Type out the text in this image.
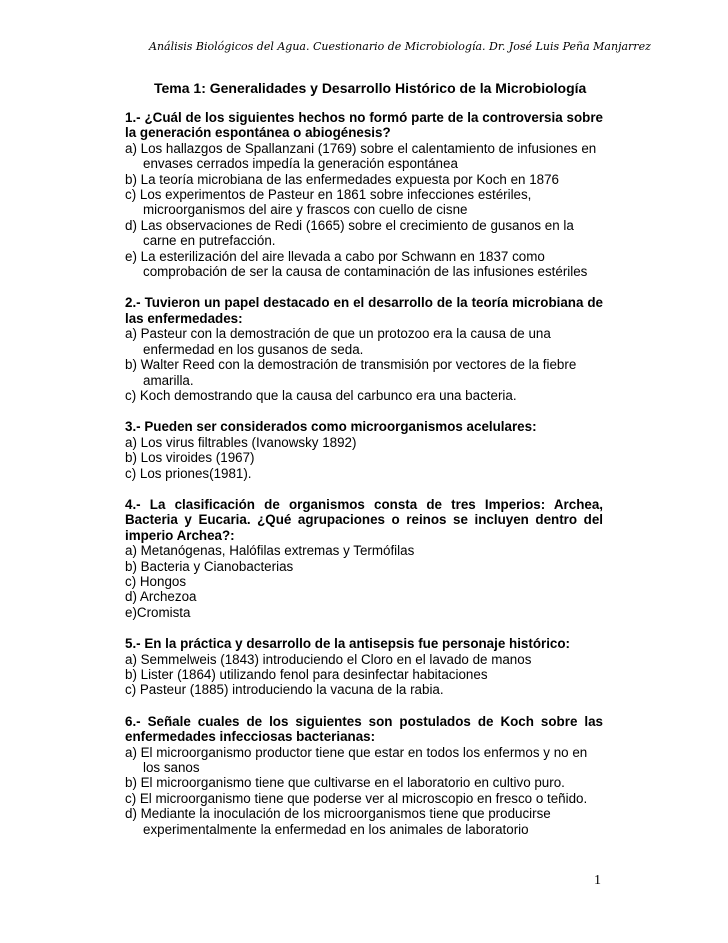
Análisis Biológicos del Agua. Cuestionario de Microbiología. Dr. José Luis Peña Manjarrez
Tema 1: Generalidades y Desarrollo Histórico de la Microbiología

1.- ¿Cuál de los siguientes hechos no formó parte de la controversia sobre la generación espontánea o abiogénesis?

a) Los hallazgos de Spallanzani (1769) sobre el calentamiento de infusiones en envases cerrados impedía la generación espontánea
b) La teoría microbiana de las enfermedades expuesta por Koch en 1876
c) Los experimentos de Pasteur en 1861 sobre infecciones estériles, microorganismos del aire y frascos con cuello de cisne
d) Las observaciones de Redi (1665) sobre el crecimiento de gusanos en la carne en putrefacción.
e) La esterilización del aire llevada a cabo por Schwann en 1837 como comprobación de ser la causa de contaminación de las infusiones estériles

2.- Tuvieron un papel destacado en el desarrollo de la teoría microbiana de las enfermedades:

a) Pasteur con la demostración de que un protozoo era la causa de una enfermedad en los gusanos de seda.
b) Walter Reed con la demostración de transmisión por vectores de la fiebre amarilla.
c) Koch demostrando que la causa del carbunco era una bacteria.

3.- Pueden ser considerados como microorganismos acelulares:

a) Los virus filtrables (Ivanowsky 1892)
b) Los viroides (1967)
c) Los priones(1981).

4.- La clasificación de organismos consta de tres Imperios: Archea, Bacteria y Eucaria. ¿Qué agrupaciones o reinos se incluyen dentro del imperio Archea?:

a) Metanógenas, Halófilas extremas y Termófilas
b) Bacteria y Cianobacterias
c) Hongos
d) Archezoa
e)Cromista

5.- En la práctica y desarrollo de la antisepsis fue personaje histórico:

a) Semmelweis (1843) introduciendo el Cloro en el lavado de manos
b) Lister (1864) utilizando fenol para desinfectar habitaciones
c) Pasteur (1885) introduciendo la vacuna de la rabia.

6.- Señale cuales de los siguientes son postulados de Koch sobre las enfermedades infecciosas bacterianas:

a) El microorganismo productor tiene que estar en todos los enfermos y no en los sanos
b) El microorganismo tiene que cultivarse en el laboratorio en cultivo puro.
c) El microorganismo tiene que poderse ver al microscopio en fresco o teñido.
d) Mediante la inoculación de los microorganismos tiene que producirse experimentalmente la enfermedad en los animales de laboratorio
1
